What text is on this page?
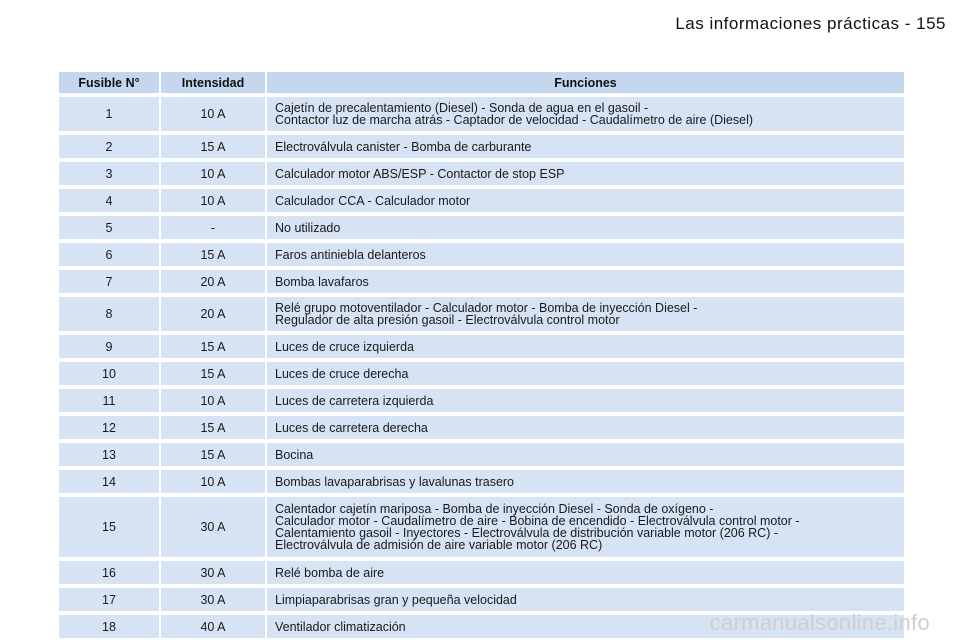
Las informaciones prácticas - 155
Fusible N°	Intensidad	Funciones
1	10 A	Cajetín de precalentamiento (Diesel) - Sonda de agua en el gasoil -
Contactor luz de marcha atrás - Captador de velocidad - Caudalímetro de aire (Diesel)
2	15 A	Electroválvula canister - Bomba de carburante
3	10 A	Calculador motor ABS/ESP - Contactor de stop ESP
4	10 A	Calculador CCA - Calculador motor
5	-	No utilizado
6	15 A	Faros antiniebla delanteros
7	20 A	Bomba lavafaros
8	20 A	Relé grupo motoventilador - Calculador motor - Bomba de inyección Diesel -
Regulador de alta presión gasoil - Electroválvula control motor
9	15 A	Luces de cruce izquierda
10	15 A	Luces de cruce derecha
11	10 A	Luces de carretera izquierda
12	15 A	Luces de carretera derecha
13	15 A	Bocina
14	10 A	Bombas lavaparabrisas y lavalunas trasero
15	30 A	Calentador cajetín mariposa - Bomba de inyección Diesel - Sonda de oxígeno -
Calculador motor - Caudalímetro de aire - Bobina de encendido - Electroválvula control motor -
Calentamiento gasoil - Inyectores - Electroválvula de distribución variable motor (206 RC) -
Electroválvula de admisión de aire variable motor (206 RC)
16	30 A	Relé bomba de aire
17	30 A	Limpiaparabrisas gran y pequeña velocidad
18	40 A	Ventilador climatización	carmanualsonline.info
